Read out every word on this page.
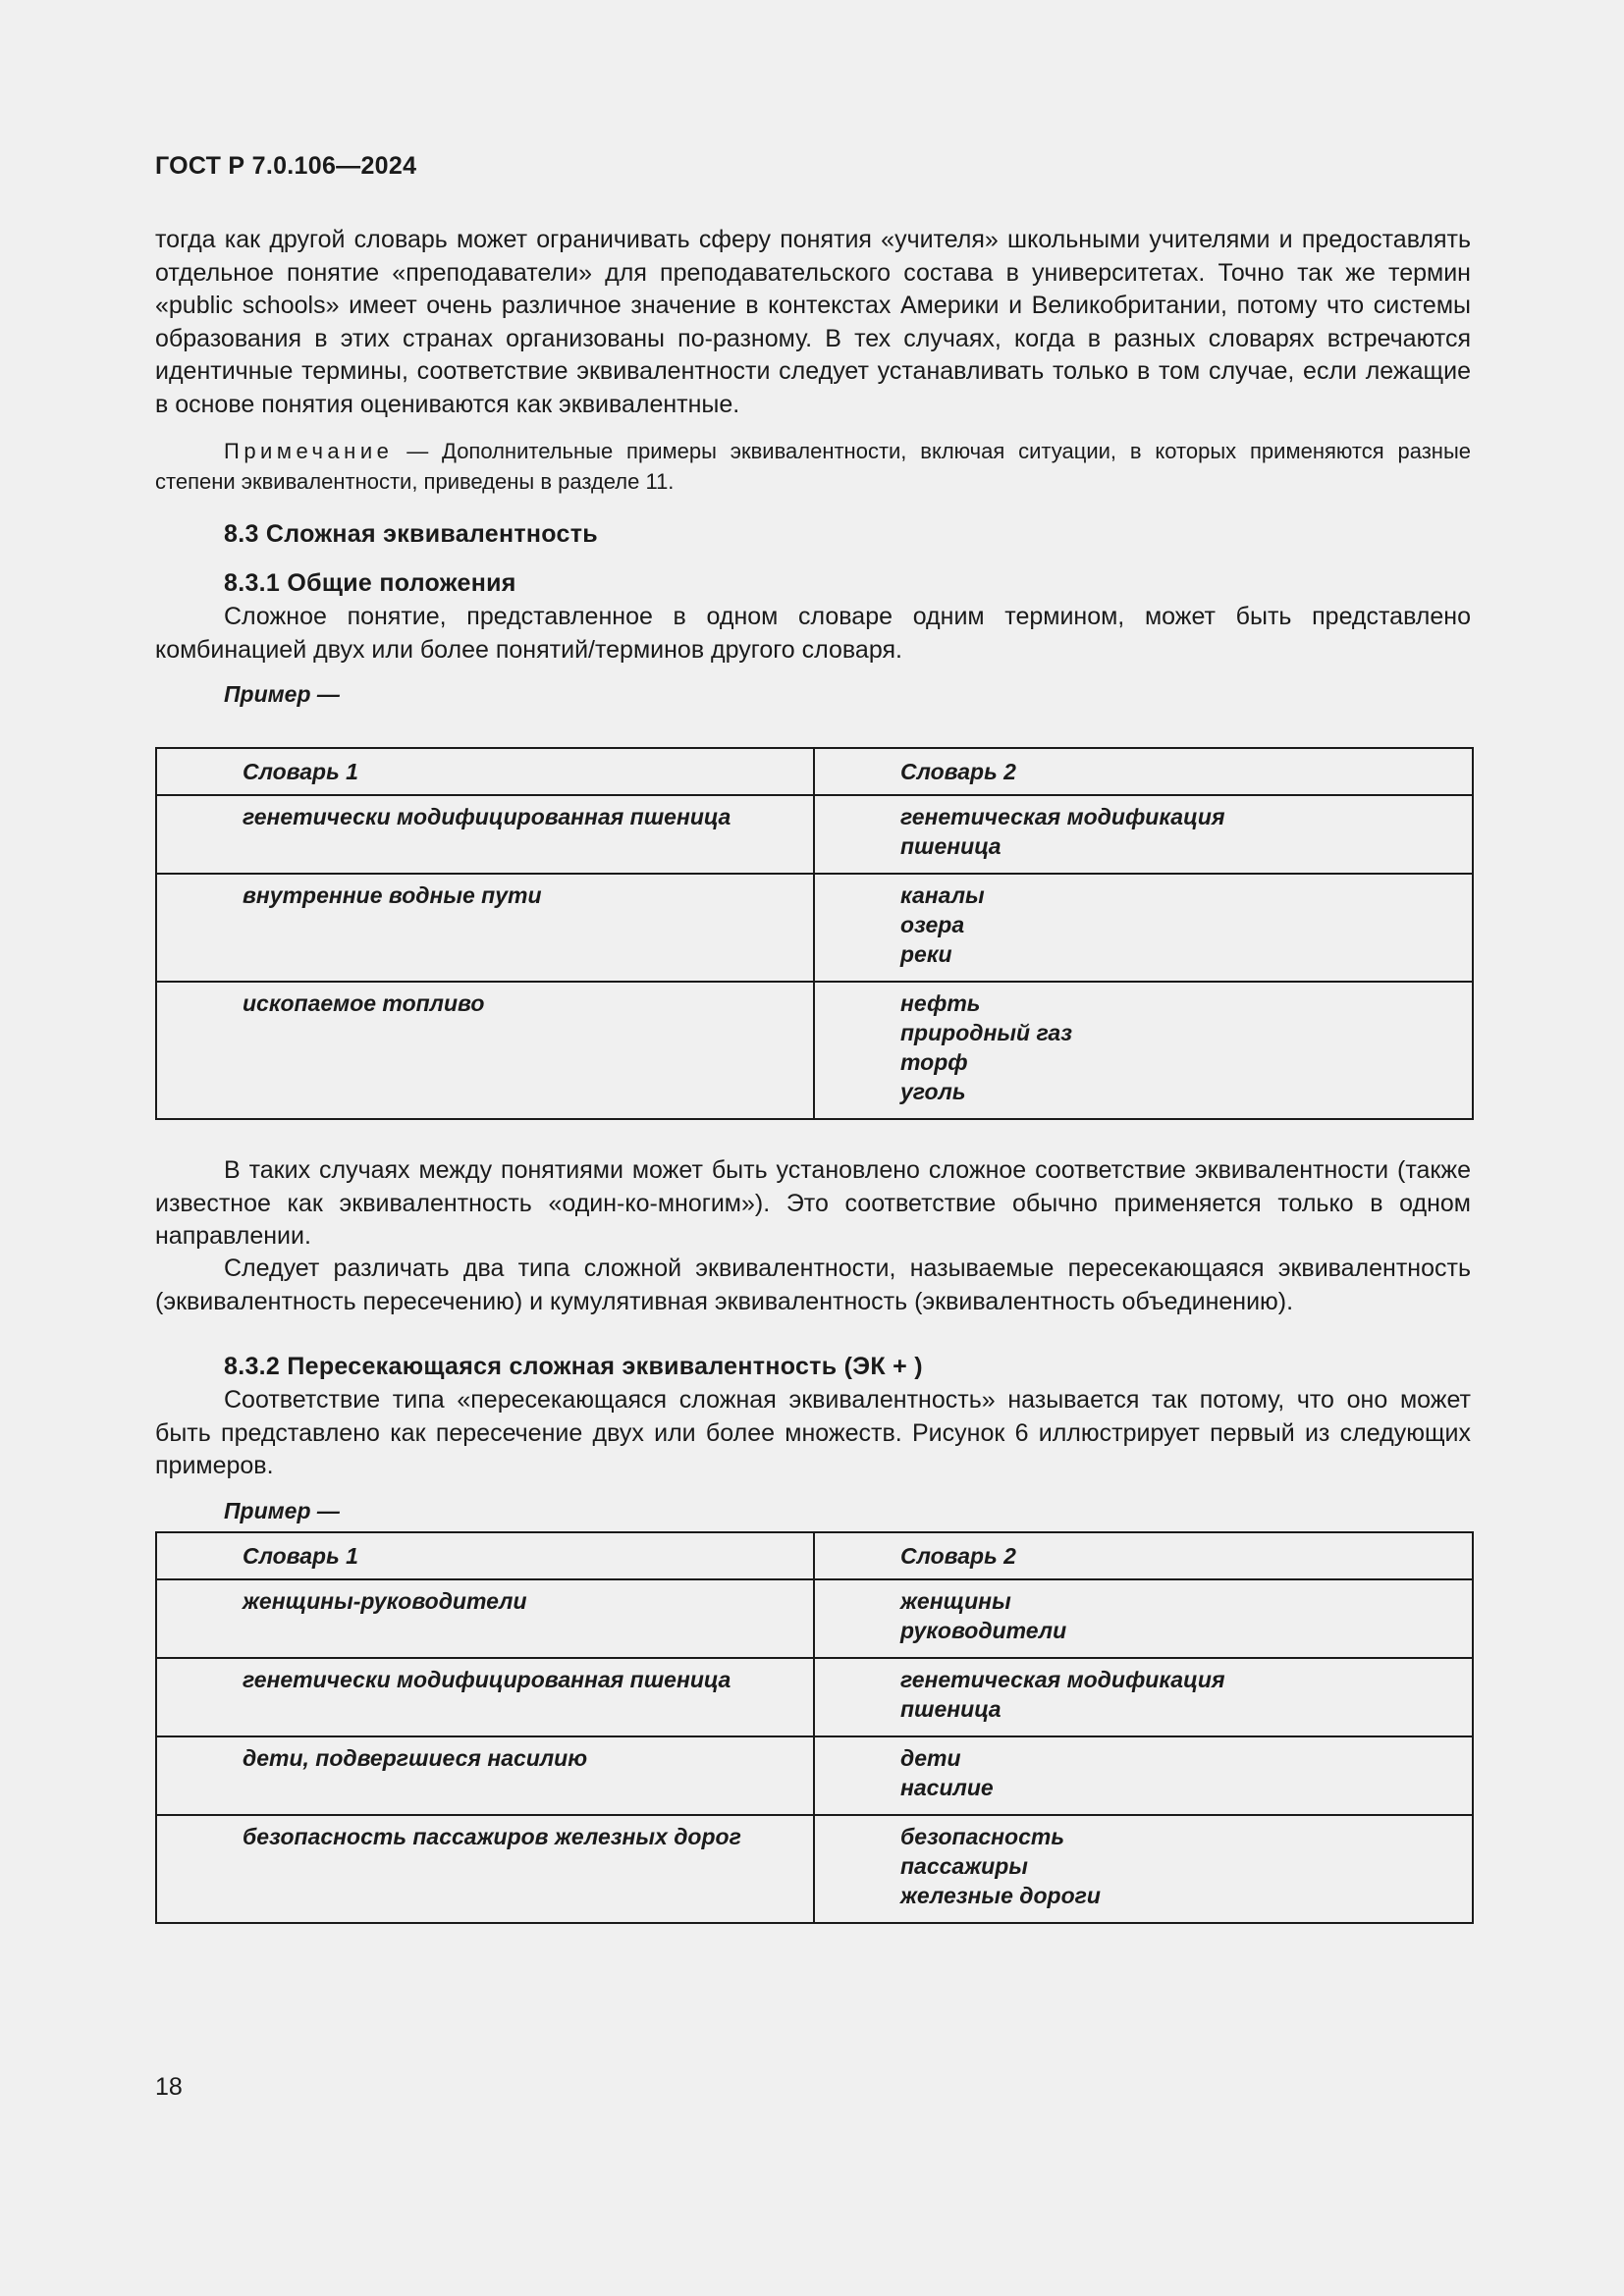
ГОСТ Р 7.0.106—2024

тогда как другой словарь может ограничивать сферу понятия «учителя» школьными учителями и предоставлять отдельное понятие «преподаватели» для преподавательского состава в университетах. Точно так же термин «public schools» имеет очень различное значение в контекстах Америки и Великобритании, потому что системы образования в этих странах организованы по-разному. В тех случаях, когда в разных словарях встречаются идентичные термины, соответствие эквивалентности следует устанавливать только в том случае, если лежащие в основе понятия оцениваются как эквивалентные.

Примечание — Дополнительные примеры эквивалентности, включая ситуации, в которых применяются разные степени эквивалентности, приведены в разделе 11.

8.3 Сложная эквивалентность
8.3.1 Общие положения

Сложное понятие, представленное в одном словаре одним термином, может быть представлено комбинацией двух или более понятий/терминов другого словаря.

Пример —
Словарь 1	Словарь 2
генетически модифицированная пшеница	генетическая модификация
пшеница

внутренние водные пути	каналы
озера
реки

ископаемое топливо	нефть
природный газ
торф
уголь

В таких случаях между понятиями может быть установлено сложное соответствие эквивалентности (также известное как эквивалентность «один-ко-многим»). Это соответствие обычно применяется только в одном направлении.

Следует различать два типа сложной эквивалентности, называемые пересекающаяся эквивалентность (эквивалентность пересечению) и кумулятивная эквивалентность (эквивалентность объединению).

8.3.2 Пересекающаяся сложная эквивалентность (ЭК + )

Соответствие типа «пересекающаяся сложная эквивалентность» называется так потому, что оно может быть представлено как пересечение двух или более множеств. Рисунок 6 иллюстрирует первый из следующих примеров.

Пример —
Словарь 1	Словарь 2
женщины-руководители	женщины
руководители

генетически модифицированная пшеница	генетическая модификация
пшеница

дети, подвергшиеся насилию	дети
насилие

безопасность пассажиров железных дорог	безопасность
пассажиры
железные дороги
18
